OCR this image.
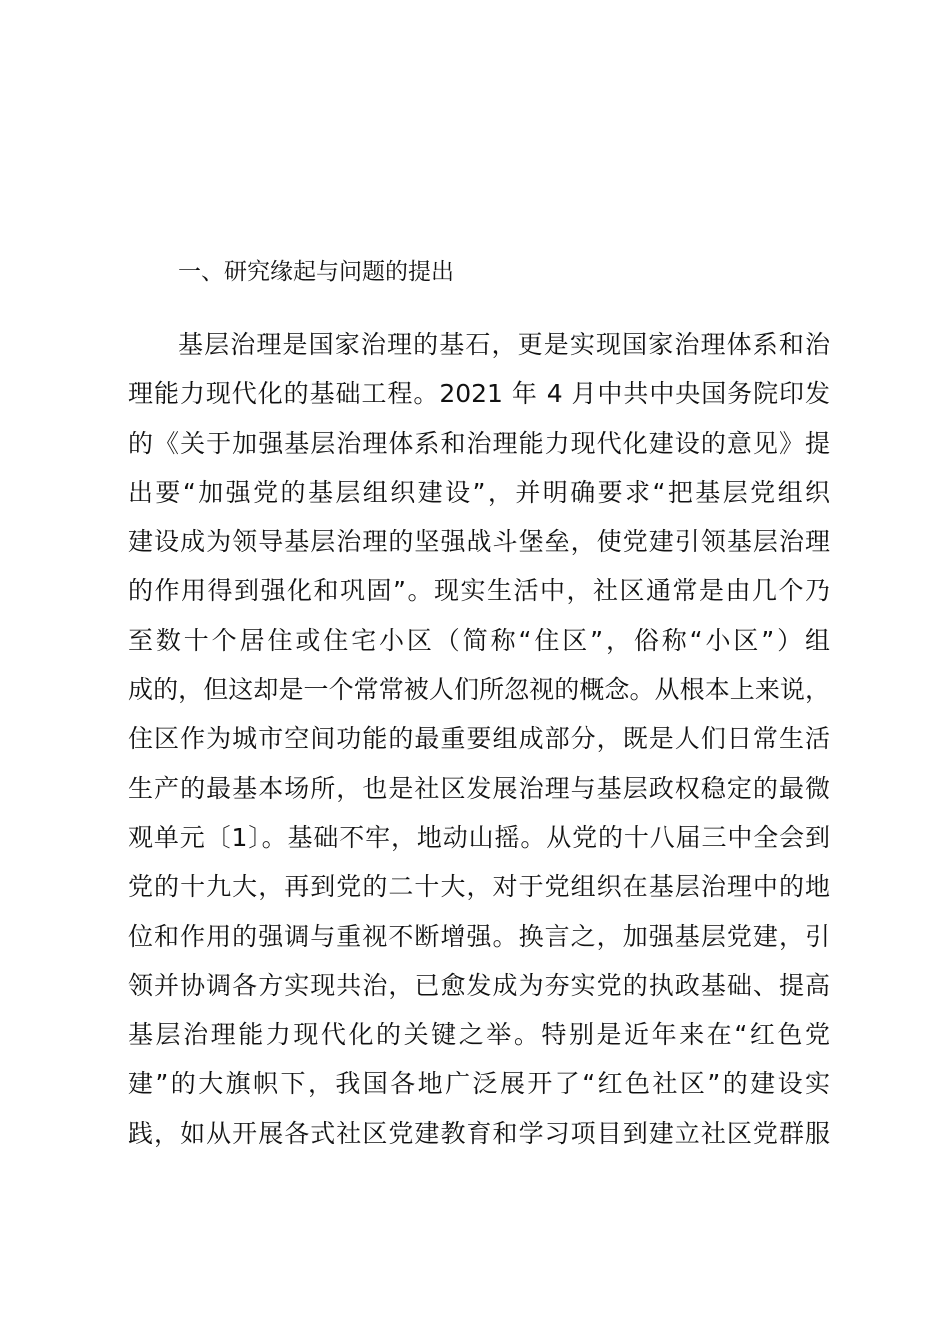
一、研究缘起与问题的提出
基层治理是国家治理的基石，更是实现国家治理体系和治
理能力现代化的基础工程。2021 年 4 月中共中央国务院印发
的《关于加强基层治理体系和治理能力现代化建设的意见》提
出要“加强党的基层组织建设”，并明确要求“把基层党组织
建设成为领导基层治理的坚强战斗堡垒，使党建引领基层治理
的作用得到强化和巩固”。现实生活中，社区通常是由几个乃
至数十个居住或住宅小区（简称“住区”，俗称“小区”）组
成的，但这却是一个常常被人们所忽视的概念。从根本上来说，
住区作为城市空间功能的最重要组成部分，既是人们日常生活
生产的最基本场所，也是社区发展治理与基层政权稳定的最微
观单元〔1〕。基础不牢，地动山摇。从党的十八届三中全会到
党的十九大，再到党的二十大，对于党组织在基层治理中的地
位和作用的强调与重视不断增强。换言之，加强基层党建，引
领并协调各方实现共治，已愈发成为夯实党的执政基础、提高
基层治理能力现代化的关键之举。特别是近年来在“红色党
建”的大旗帜下，我国各地广泛展开了“红色社区”的建设实
践，如从开展各式社区党建教育和学习项目到建立社区党群服
